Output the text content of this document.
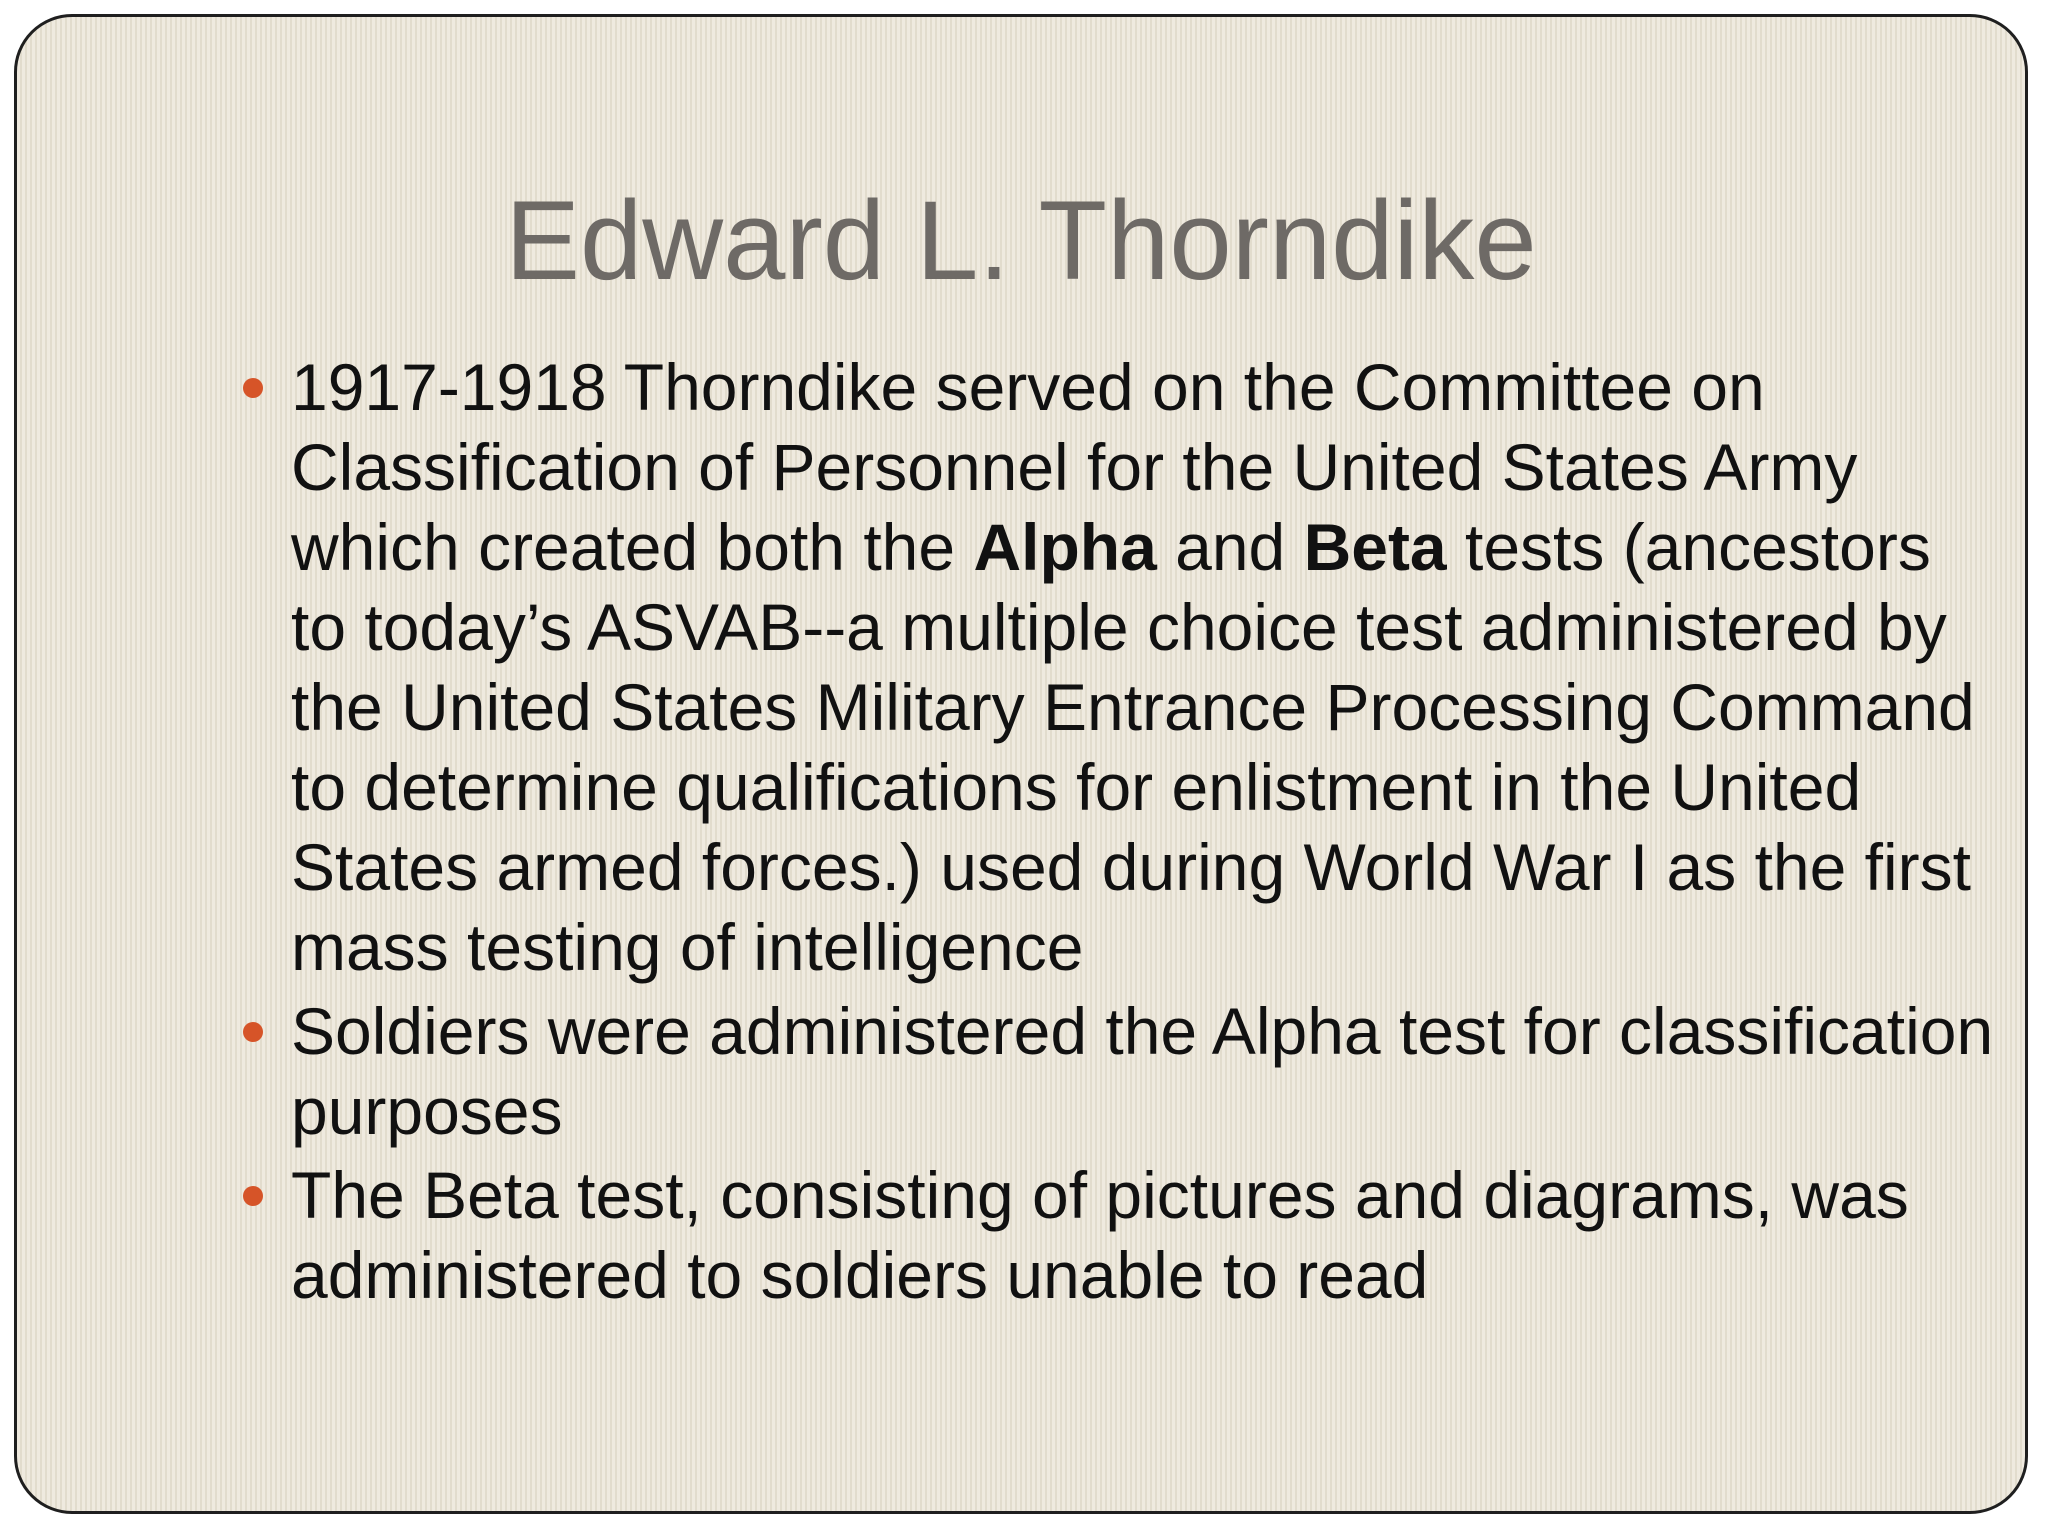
Edward L. Thorndike
1917-1918 Thorndike served on the Committee on Classification of Personnel for the United States Army which created both the Alpha and Beta tests (ancestors to today’s ASVAB--a multiple choice test administered by the United States Military Entrance Processing Command to determine qualifications for enlistment in the United States armed forces.) used during World War I as the first mass testing of intelligence
Soldiers were administered the Alpha test for classification purposes
The Beta test, consisting of pictures and diagrams, was administered to soldiers unable to read
